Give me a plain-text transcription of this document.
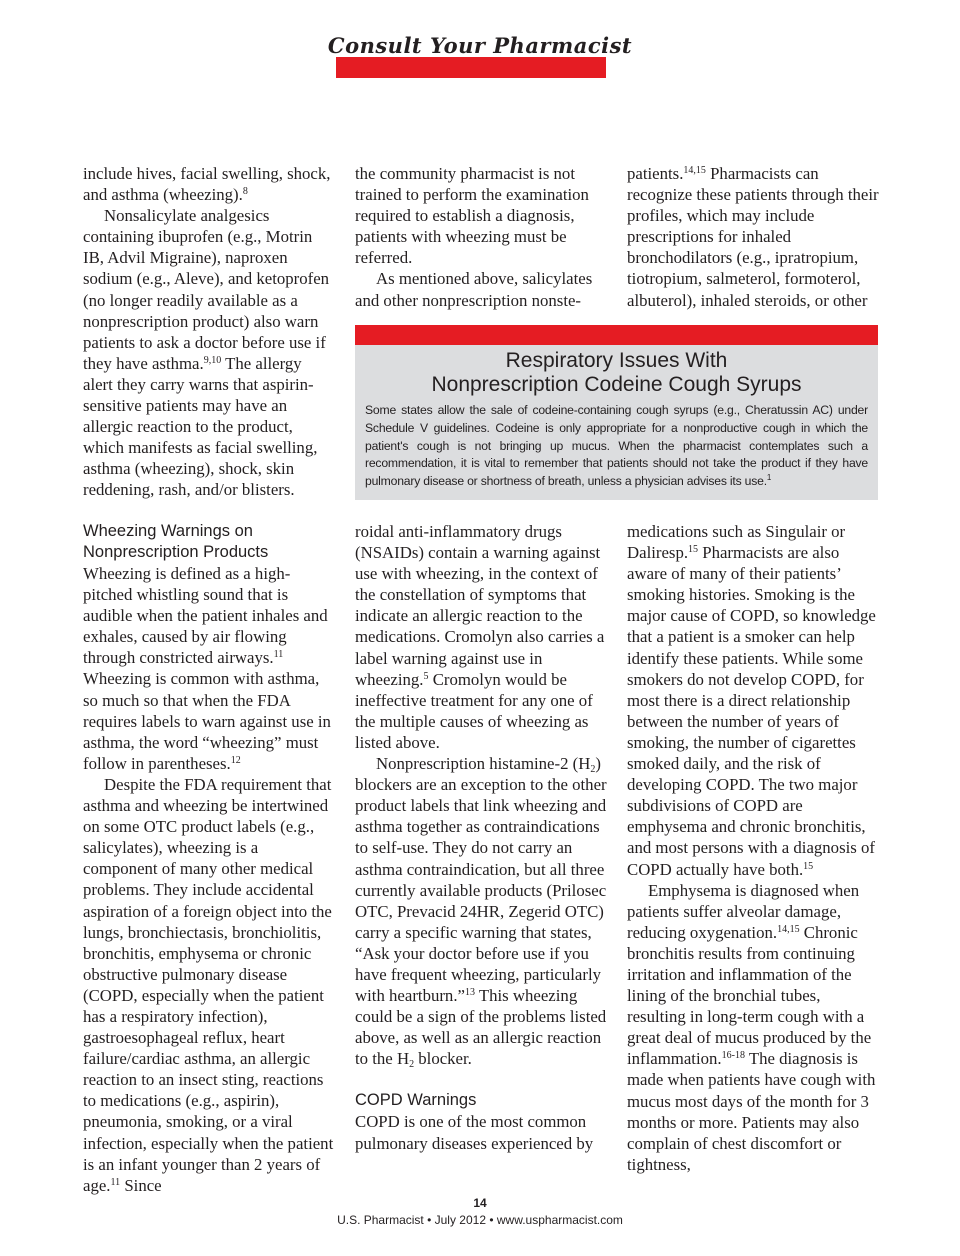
Consult Your Pharmacist

include hives, facial swelling, shock, and asthma (wheezing).$^8$

Nonsalicylate analgesics containing ibuprofen (e.g., Motrin IB, Advil Migraine), naproxen sodium (e.g., Aleve), and ketoprofen (no longer readily available as a nonprescription product) also warn patients to ask a doctor before use if they have asthma.$^{9,10}$ The allergy alert they carry warns that aspirin-sensitive patients may have an allergic reaction to the product, which manifests as facial swelling, asthma (wheezing), shock, skin reddening, rash, and/or blisters.

the community pharmacist is not trained to perform the examination required to establish a diagnosis, patients with wheezing must be referred.

As mentioned above, salicylates and other nonprescription nonste-

patients.$^{14,15}$ Pharmacists can recognize these patients through their profiles, which may include prescriptions for inhaled bronchodilators (e.g., ipratropium, tiotropium, salmeterol, formoterol, albuterol), inhaled steroids, or other

Respiratory Issues With
Nonprescription Codeine Cough Syrups
Some states allow the sale of codeine-containing cough syrups (e.g., Cheratussin AC) under Schedule V guidelines. Codeine is only appropriate for a nonproductive cough in which the patient's cough is not bringing up mucus. When the pharmacist contemplates such a recommendation, it is vital to remember that patients should not take the product if they have pulmonary disease or shortness of breath, unless a physician advises its use.$^1$
Wheezing Warnings on
Nonprescription Products

Wheezing is defined as a high-pitched whistling sound that is audible when the patient inhales and exhales, caused by air flowing through constricted airways.$^{11}$ Wheezing is common with asthma, so much so that when the FDA requires labels to warn against use in asthma, the word “wheezing” must follow in parentheses.$^{12}$

Despite the FDA requirement that asthma and wheezing be intertwined on some OTC product labels (e.g., salicylates), wheezing is a component of many other medical problems. They include accidental aspiration of a foreign object into the lungs, bronchiectasis, bronchiolitis, bronchitis, emphysema or chronic obstructive pulmonary disease (COPD, especially when the patient has a respiratory infection), gastroesophageal reflux, heart failure/cardiac asthma, an allergic reaction to an insect sting, reactions to medications (e.g., aspirin), pneumonia, smoking, or a viral infection, especially when the patient is an infant younger than 2 years of age.$^{11}$ Since

roidal anti-inflammatory drugs (NSAIDs) contain a warning against use with wheezing, in the context of the constellation of symptoms that indicate an allergic reaction to the medications. Cromolyn also carries a label warning against use in wheezing.$^5$ Cromolyn would be ineffective treatment for any one of the multiple causes of wheezing as listed above.

Nonprescription histamine-2 $(H_2)$ blockers are an exception to the other product labels that link wheezing and asthma together as contraindications to self-use. They do not carry an asthma contraindication, but all three currently available products (Prilosec OTC, Prevacid 24HR, Zegerid OTC) carry a specific warning that states, “Ask your doctor before use if you have frequent wheezing, particularly with heartburn.”$^{13}$ This wheezing could be a sign of the problems listed above, as well as an allergic reaction to the $H_2$ blocker.

COPD Warnings

COPD is one of the most common pulmonary diseases experienced by

medications such as Singulair or Daliresp.$^{15}$ Pharmacists are also aware of many of their patients’ smoking histories. Smoking is the major cause of COPD, so knowledge that a patient is a smoker can help identify these patients. While some smokers do not develop COPD, for most there is a direct relationship between the number of years of smoking, the number of cigarettes smoked daily, and the risk of developing COPD. The two major subdivisions of COPD are emphysema and chronic bronchitis, and most persons with a diagnosis of COPD actually have both.$^{15}$

Emphysema is diagnosed when patients suffer alveolar damage, reducing oxygenation.$^{14,15}$ Chronic bronchitis results from continuing irritation and inflammation of the lining of the bronchial tubes, resulting in long-term cough with a great deal of mucus produced by the inflammation.$^{16-18}$ The diagnosis is made when patients have cough with mucus most days of the month for 3 months or more. Patients may also complain of chest discomfort or tightness,

14
U.S. Pharmacist • July 2012 • www.uspharmacist.com
